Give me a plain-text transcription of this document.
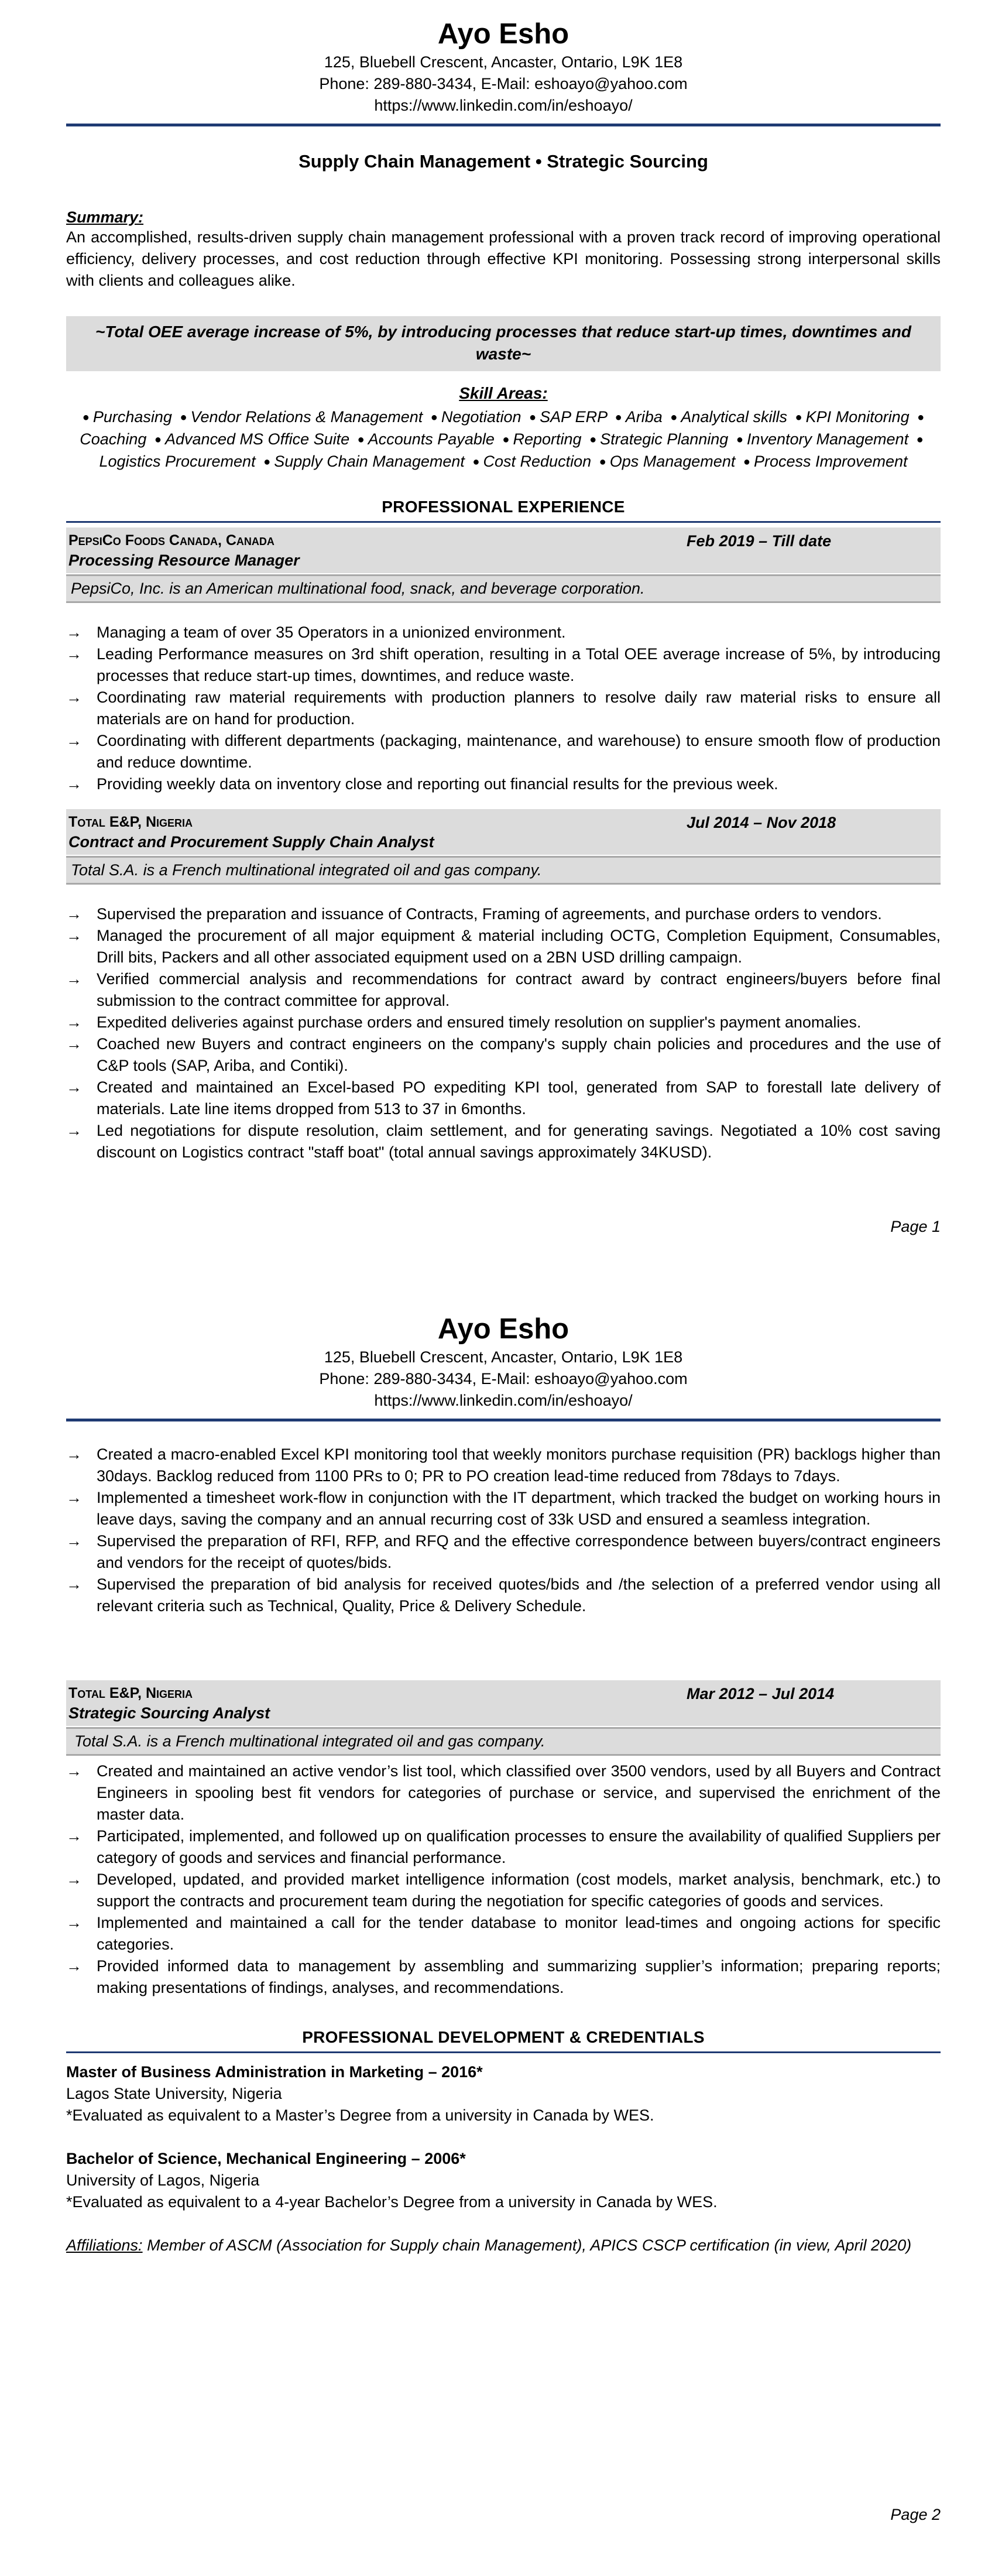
Ayo Esho
125, Bluebell Crescent, Ancaster, Ontario, L9K 1E8
Phone: 289-880-3434, E-Mail: eshoayo@yahoo.com
https://www.linkedin.com/in/eshoayo/
Supply Chain Management • Strategic Sourcing
Summary:
An accomplished, results-driven supply chain management professional with a proven track record of improving operational efficiency, delivery processes, and cost reduction through effective KPI monitoring. Possessing strong interpersonal skills with clients and colleagues alike.
~Total OEE average increase of 5%, by introducing processes that reduce start-up times, downtimes and waste~
Skill Areas:
● Purchasing ● Vendor Relations & Management ● Negotiation ● SAP ERP ● Ariba ● Analytical skills ● KPI Monitoring ●
Coaching ● Advanced MS Office Suite ● Accounts Payable ● Reporting ● Strategic Planning ● Inventory Management ●
Logistics Procurement ● Supply Chain Management ● Cost Reduction ● Ops Management ● Process Improvement
PROFESSIONAL EXPERIENCE
PepsiCo Foods Canada, Canada	Feb 2019 – Till date
Processing Resource Manager
PepsiCo, Inc. is an American multinational food, snack, and beverage corporation.
→ Managing a team of over 35 Operators in a unionized environment.
→ Leading Performance measures on 3rd shift operation, resulting in a Total OEE average increase of 5%, by introducing processes that reduce start-up times, downtimes, and reduce waste.
→ Coordinating raw material requirements with production planners to resolve daily raw material risks to ensure all materials are on hand for production.
→ Coordinating with different departments (packaging, maintenance, and warehouse) to ensure smooth flow of production and reduce downtime.
→ Providing weekly data on inventory close and reporting out financial results for the previous week.
Total E&P, Nigeria	Jul 2014 – Nov 2018
Contract and Procurement Supply Chain Analyst
Total S.A. is a French multinational integrated oil and gas company.
→ Supervised the preparation and issuance of Contracts, Framing of agreements, and purchase orders to vendors.
→ Managed the procurement of all major equipment & material including OCTG, Completion Equipment, Consumables, Drill bits, Packers and all other associated equipment used on a 2BN USD drilling campaign.
→ Verified commercial analysis and recommendations for contract award by contract engineers/buyers before final submission to the contract committee for approval.
→ Expedited deliveries against purchase orders and ensured timely resolution on supplier's payment anomalies.
→ Coached new Buyers and contract engineers on the company's supply chain policies and procedures and the use of C&P tools (SAP, Ariba, and Contiki).
→ Created and maintained an Excel-based PO expediting KPI tool, generated from SAP to forestall late delivery of materials. Late line items dropped from 513 to 37 in 6months.
→ Led negotiations for dispute resolution, claim settlement, and for generating savings. Negotiated a 10% cost saving discount on Logistics contract "staff boat" (total annual savings approximately 34KUSD).
Page 1
Ayo Esho
125, Bluebell Crescent, Ancaster, Ontario, L9K 1E8
Phone: 289-880-3434, E-Mail: eshoayo@yahoo.com
https://www.linkedin.com/in/eshoayo/
→ Created a macro-enabled Excel KPI monitoring tool that weekly monitors purchase requisition (PR) backlogs higher than 30days. Backlog reduced from 1100 PRs to 0; PR to PO creation lead-time reduced from 78days to 7days.
→ Implemented a timesheet work-flow in conjunction with the IT department, which tracked the budget on working hours in leave days, saving the company and an annual recurring cost of 33k USD and ensured a seamless integration.
→ Supervised the preparation of RFI, RFP, and RFQ and the effective correspondence between buyers/contract engineers and vendors for the receipt of quotes/bids.
→ Supervised the preparation of bid analysis for received quotes/bids and /the selection of a preferred vendor using all relevant criteria such as Technical, Quality, Price & Delivery Schedule.
Total E&P, Nigeria	Mar 2012 – Jul 2014
Strategic Sourcing Analyst
Total S.A. is a French multinational integrated oil and gas company.
→ Created and maintained an active vendor’s list tool, which classified over 3500 vendors, used by all Buyers and Contract Engineers in spooling best fit vendors for categories of purchase or service, and supervised the enrichment of the master data.
→ Participated, implemented, and followed up on qualification processes to ensure the availability of qualified Suppliers per category of goods and services and financial performance.
→ Developed, updated, and provided market intelligence information (cost models, market analysis, benchmark, etc.) to support the contracts and procurement team during the negotiation for specific categories of goods and services.
→ Implemented and maintained a call for the tender database to monitor lead-times and ongoing actions for specific categories.
→ Provided informed data to management by assembling and summarizing supplier’s information; preparing reports; making presentations of findings, analyses, and recommendations.
PROFESSIONAL DEVELOPMENT & CREDENTIALS
Master of Business Administration in Marketing – 2016*
Lagos State University, Nigeria
*Evaluated as equivalent to a Master’s Degree from a university in Canada by WES.
Bachelor of Science, Mechanical Engineering – 2006*
University of Lagos, Nigeria
*Evaluated as equivalent to a 4-year Bachelor’s Degree from a university in Canada by WES.
Affiliations: Member of ASCM (Association for Supply chain Management), APICS CSCP certification (in view, April 2020)
Page 2
